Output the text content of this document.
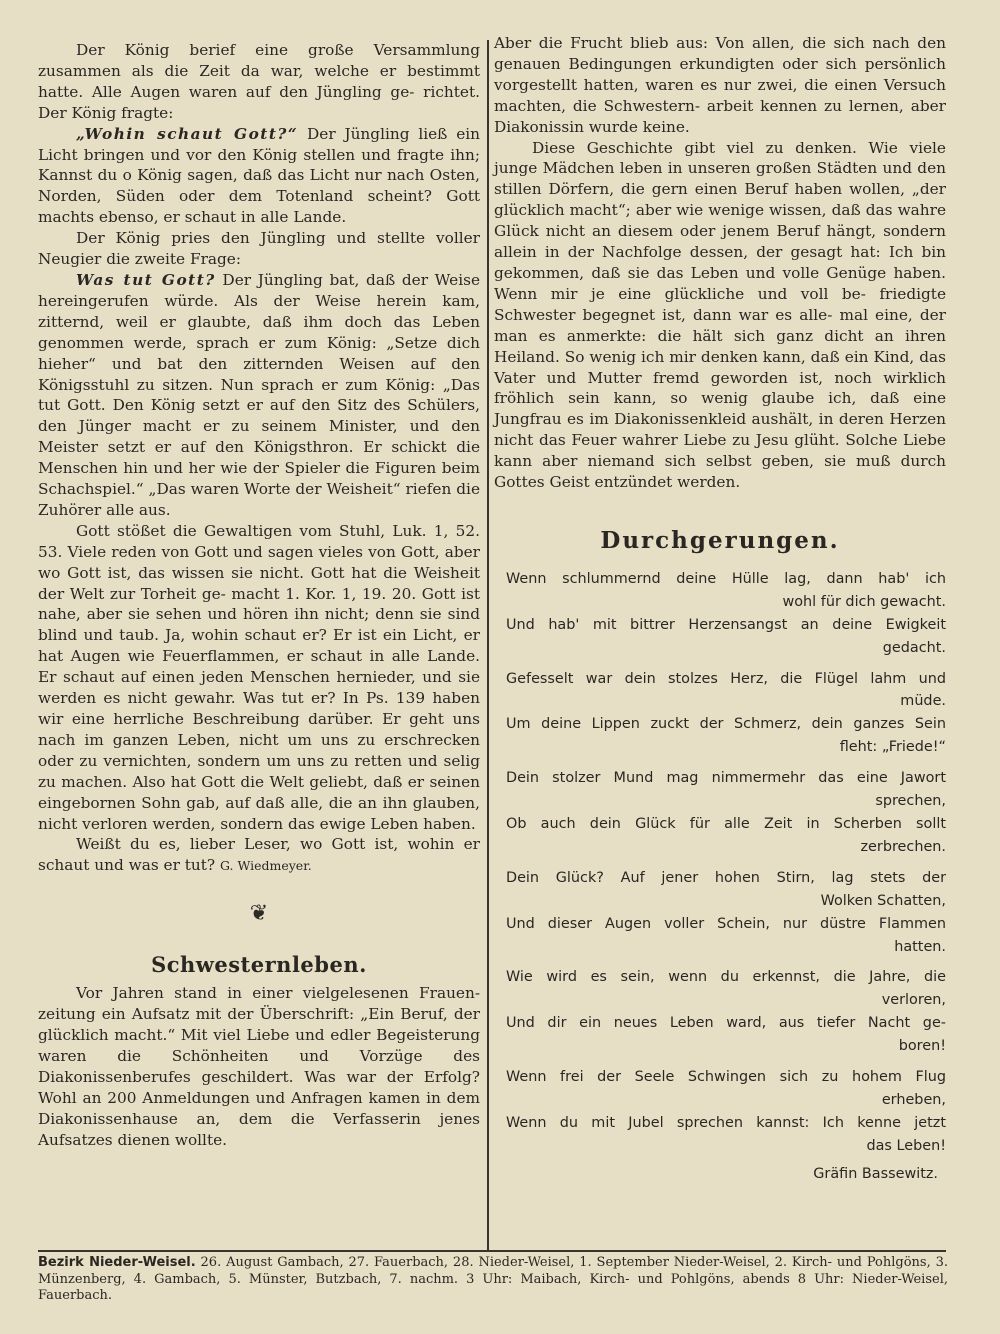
Der König berief eine große Versammlung zusammen als die Zeit da war, welche er bestimmt hatte. Alle Augen waren auf den Jüngling ge- richtet. Der König fragte:

„Wohin schaut Gott?“ Der Jüngling ließ ein Licht bringen und vor den König stellen und fragte ihn; Kannst du o König sagen, daß das Licht nur nach Osten, Norden, Süden oder dem Totenland scheint? Gott machts ebenso, er schaut in alle Lande.

Der König pries den Jüngling und stellte voller Neugier die zweite Frage:

Was tut Gott? Der Jüngling bat, daß der Weise hereingerufen würde. Als der Weise herein kam, zitternd, weil er glaubte, daß ihm doch das Leben genommen werde, sprach er zum König: „Setze dich hieher“ und bat den zitternden Weisen auf den Königsstuhl zu sitzen. Nun sprach er zum König: „Das tut Gott. Den König setzt er auf den Sitz des Schülers, den Jünger macht er zu seinem Minister, und den Meister setzt er auf den Königsthron. Er schickt die Menschen hin und her wie der Spieler die Figuren beim Schachspiel.“ „Das waren Worte der Weisheit“ riefen die Zuhörer alle aus.

Gott stößet die Gewaltigen vom Stuhl, Luk. 1, 52. 53. Viele reden von Gott und sagen vieles von Gott, aber wo Gott ist, das wissen sie nicht. Gott hat die Weisheit der Welt zur Torheit ge- macht 1. Kor. 1, 19. 20. Gott ist nahe, aber sie sehen und hören ihn nicht; denn sie sind blind und taub. Ja, wohin schaut er? Er ist ein Licht, er hat Augen wie Feuerflammen, er schaut in alle Lande. Er schaut auf einen jeden Menschen hernieder, und sie werden es nicht gewahr. Was tut er? In Ps. 139 haben wir eine herrliche Beschreibung darüber. Er geht uns nach im ganzen Leben, nicht um uns zu erschrecken oder zu vernichten, sondern um uns zu retten und selig zu machen. Also hat Gott die Welt geliebt, daß er seinen eingebornen Sohn gab, auf daß alle, die an ihn glauben, nicht verloren werden, sondern das ewige Leben haben.

Weißt du es, lieber Leser, wo Gott ist, wohin er schaut und was er tut? G. Wiedmeyer.

❦
Schwesternleben.

Vor Jahren stand in einer vielgelesenen Frauen- zeitung ein Aufsatz mit der Überschrift: „Ein Beruf, der glücklich macht.“ Mit viel Liebe und edler Begeisterung waren die Schönheiten und Vorzüge des Diakonissenberufes geschildert. Was war der Erfolg? Wohl an 200 Anmeldungen und Anfragen kamen in dem Diakonissenhause an, dem die Verfasserin jenes Aufsatzes dienen wollte.

Aber die Frucht blieb aus: Von allen, die sich nach den genauen Bedingungen erkundigten oder sich persönlich vorgestellt hatten, waren es nur zwei, die einen Versuch machten, die Schwestern- arbeit kennen zu lernen, aber Diakonissin wurde keine.

Diese Geschichte gibt viel zu denken. Wie viele junge Mädchen leben in unseren großen Städten und den stillen Dörfern, die gern einen Beruf haben wollen, „der glücklich macht“; aber wie wenige wissen, daß das wahre Glück nicht an diesem oder jenem Beruf hängt, sondern allein in der Nachfolge dessen, der gesagt hat: Ich bin gekommen, daß sie das Leben und volle Genüge haben. Wenn mir je eine glückliche und voll be- friedigte Schwester begegnet ist, dann war es alle- mal eine, der man es anmerkte: die hält sich ganz dicht an ihren Heiland. So wenig ich mir denken kann, daß ein Kind, das Vater und Mutter fremd geworden ist, noch wirklich fröhlich sein kann, so wenig glaube ich, daß eine Jungfrau es im Diakonissenkleid aushält, in deren Herzen nicht das Feuer wahrer Liebe zu Jesu glüht. Solche Liebe kann aber niemand sich selbst geben, sie muß durch Gottes Geist entzündet werden.

Durchgerungen.
Wenn schlummernd deine Hülle lag, dann hab' ich
wohl für dich gewacht.
Und hab' mit bittrer Herzensangst an deine Ewigkeit
gedacht.
Gefesselt war dein stolzes Herz, die Flügel lahm und
müde.
Um deine Lippen zuckt der Schmerz, dein ganzes Sein
fleht: „Friede!“
Dein stolzer Mund mag nimmermehr das eine Jawort
sprechen,
Ob auch dein Glück für alle Zeit in Scherben sollt
zerbrechen.
Dein Glück? Auf jener hohen Stirn, lag stets der
Wolken Schatten,
Und dieser Augen voller Schein, nur düstre Flammen
hatten.
Wie wird es sein, wenn du erkennst, die Jahre, die
verloren,
Und dir ein neues Leben ward, aus tiefer Nacht ge-
boren!
Wenn frei der Seele Schwingen sich zu hohem Flug
erheben,
Wenn du mit Jubel sprechen kannst: Ich kenne jetzt
das Leben!
Gräfin Bassewitz.
Bezirk Nieder-Weisel. 26. August Gambach, 27. Fauerbach, 28. Nieder-Weisel, 1. September Nieder-Weisel, 2. Kirch- und Pohlgöns, 3. Münzenberg, 4. Gambach, 5. Münster, Butzbach, 7. nachm. 3 Uhr: Maibach, Kirch- und Pohlgöns, abends 8 Uhr: Nieder-Weisel, Fauerbach.
